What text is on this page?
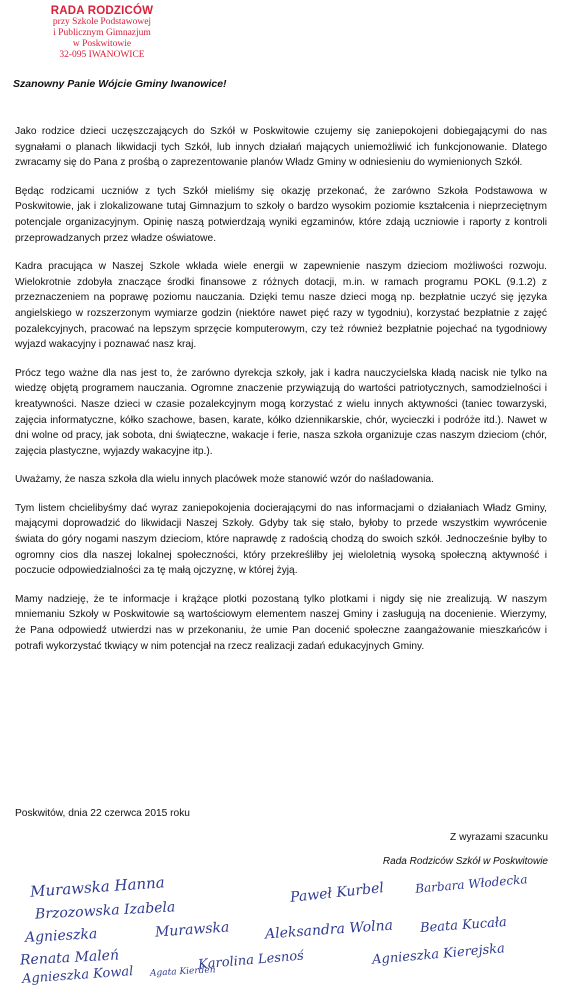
RADA RODZICÓW
przy Szkole Podstawowej
i Publicznym Gimnazjum
w Poskwitowie
32-095 IWANOWICE
Szanowny Panie Wójcie Gminy Iwanowice!

Jako rodzice dzieci uczęszczających do Szkół w Poskwitowie czujemy się zaniepokojeni dobiegającymi do nas sygnałami o planach likwidacji tych Szkół, lub innych działań mających uniemożliwić ich funkcjonowanie. Dlatego zwracamy się do Pana z prośbą o zaprezentowanie planów Władz Gminy w odniesieniu do wymienionych Szkół.

Będąc rodzicami uczniów z tych Szkół mieliśmy się okazję przekonać, że zarówno Szkoła Podstawowa w Poskwitowie, jak i zlokalizowane tutaj Gimnazjum to szkoły o bardzo wysokim poziomie kształcenia i nieprzeciętnym potencjale organizacyjnym. Opinię naszą potwierdzają wyniki egzaminów, które zdają uczniowie i raporty z kontroli przeprowadzanych przez władze oświatowe.

Kadra pracująca w Naszej Szkole wkłada wiele energii w zapewnienie naszym dzieciom możliwości rozwoju. Wielokrotnie zdobyła znaczące środki finansowe z różnych dotacji, m.in. w ramach programu POKL (9.1.2) z przeznaczeniem na poprawę poziomu nauczania. Dzięki temu nasze dzieci mogą np. bezpłatnie uczyć się języka angielskiego w rozszerzonym wymiarze godzin (niektóre nawet pięć razy w tygodniu), korzystać bezpłatnie z zajęć pozalekcyjnych, pracować na lepszym sprzęcie komputerowym, czy też również bezpłatnie pojechać na tygodniowy wyjazd wakacyjny i poznawać nasz kraj.

Prócz tego ważne dla nas jest to, że zarówno dyrekcja szkoły, jak i kadra nauczycielska kładą nacisk nie tylko na wiedzę objętą programem nauczania. Ogromne znaczenie przywiązują do wartości patriotycznych, samodzielności i kreatywności. Nasze dzieci w czasie pozalekcyjnym mogą korzystać z wielu innych aktywności (taniec towarzyski, zajęcia informatyczne, kółko szachowe, basen, karate, kółko dziennikarskie, chór, wycieczki i podróże itd.). Nawet w dni wolne od pracy, jak sobota, dni świąteczne, wakacje i ferie, nasza szkoła organizuje czas naszym dzieciom (chór, zajęcia plastyczne, wyjazdy wakacyjne itp.).

Uważamy, że nasza szkoła dla wielu innych placówek może stanowić wzór do naśladowania.

Tym listem chcielibyśmy dać wyraz zaniepokojenia docierającymi do nas informacjami o działaniach Władz Gminy, mającymi doprowadzić do likwidacji Naszej Szkoły. Gdyby tak się stało, byłoby to przede wszystkim wywrócenie świata do góry nogami naszym dzieciom, które naprawdę z radością chodzą do swoich szkół. Jednocześnie byłby to ogromny cios dla naszej lokalnej społeczności, który przekreśliłby jej wieloletnią wysoką społeczną aktywność i poczucie odpowiedzialności za tę małą ojczyznę, w której żyją.

Mamy nadzieję, że te informacje i krążące plotki pozostaną tylko plotkami i nigdy się nie zrealizują. W naszym mniemaniu Szkoły w Poskwitowie są wartościowym elementem naszej Gminy i zasługują na docenienie. Wierzymy, że Pana odpowiedź utwierdzi nas w przekonaniu, że umie Pan docenić społeczne zaangażowanie mieszkańców i potrafi wykorzystać tkwiący w nim potencjał na rzecz realizacji zadań edukacyjnych Gminy.

Poskwitów, dnia 22 czerwca 2015 roku
Z wyrazami szacunku
Rada Rodziców Szkół w Poskwitowie
Murawska Hanna
Brzozowska Izabela
Paweł Kurbel	Barbara Włodecka
Agnieszka	Murawska Aleksandra Wolna Beata Kucała
Renata Maleń
Agnieszka Kowal Agata Kierdeń
Karolina Lesnoś	Agnieszka Kierejska
